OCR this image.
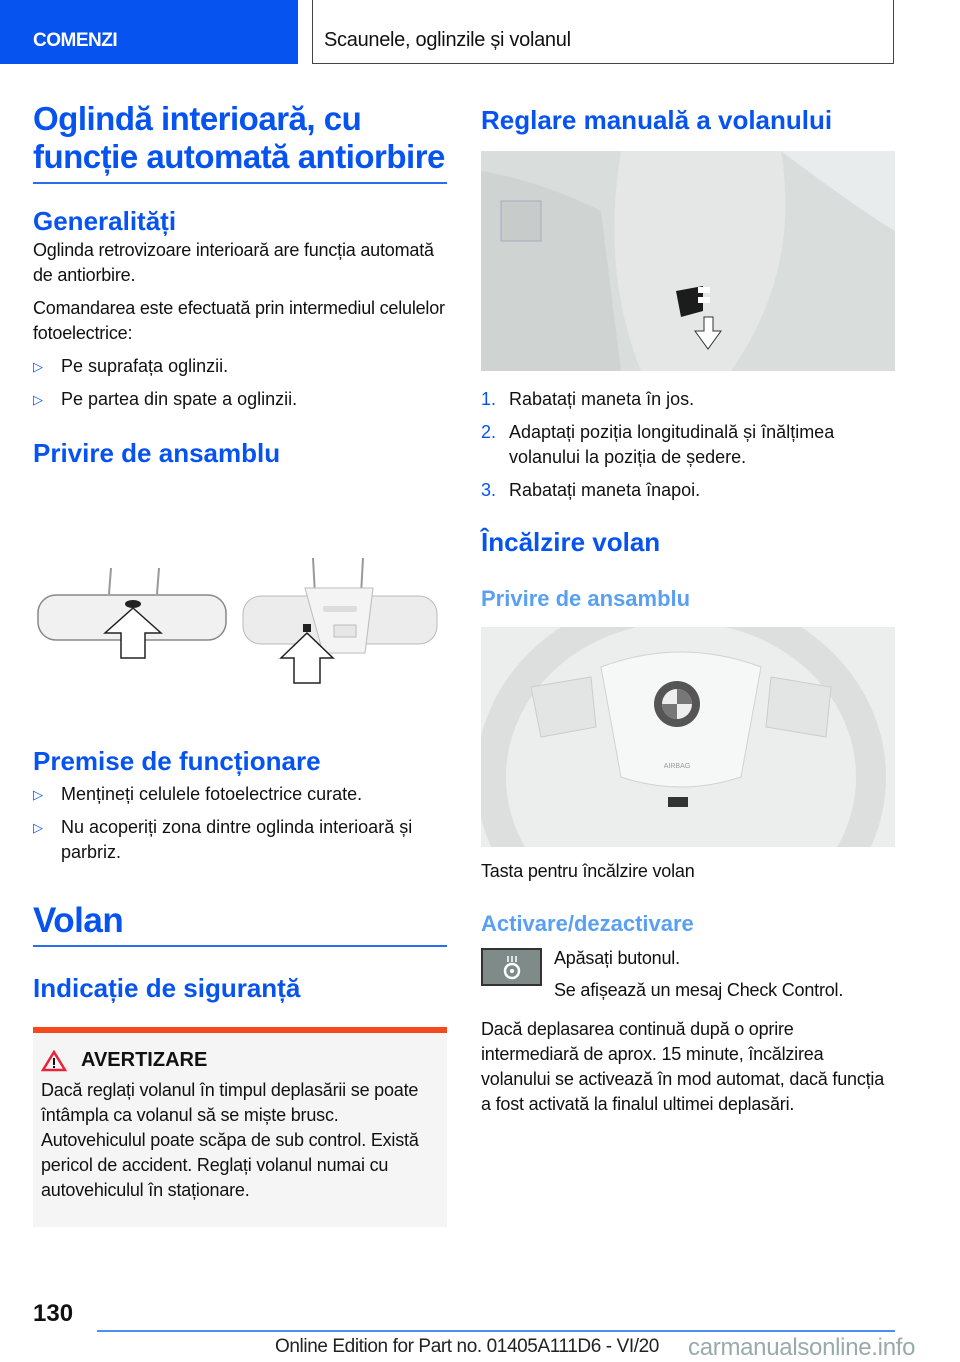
COMENZI	Scaunele, oglinzile și volanul
Oglindă interioară, cu funcție automată antiorbire
Generalități

Oglinda retrovizoare interioară are funcția automată de antiorbire.

Comandarea este efectuată prin intermediul celulelor fotoelectrice:

▷ Pe suprafața oglinzii.
▷ Pe partea din spate a oglinzii.
Privire de ansamblu
Premise de funcționare
▷ Mențineți celulele fotoelectrice curate.
▷ Nu acoperiți zona dintre oglinda interioară și parbriz.
Volan
Indicație de siguranță
AVERTIZARE

Dacă reglați volanul în timpul deplasării se poate întâmpla ca volanul să se miște brusc. Autovehiculul poate scăpa de sub control. Există pericol de accident. Reglați volanul numai cu autovehiculul în staționare.

Reglare manuală a volanului
1. Rabatați maneta în jos.
2. Adaptați poziția longitudinală și înălțimea volanului la poziția de ședere.
3. Rabatați maneta înapoi.
Încălzire volan
Privire de ansamblu
AIRBAG

Tasta pentru încălzire volan

Activare/dezactivare

Apăsați butonul.

Se afișează un mesaj Check Control.

Dacă deplasarea continuă după o oprire intermediară de aprox. 15 minute, încălzirea volanului se activează în mod automat, dacă funcția a fost activată la finalul ultimei deplasări.

130
Online Edition for Part no. 01405A111D6 - VI/20 carmanualsonline.info
